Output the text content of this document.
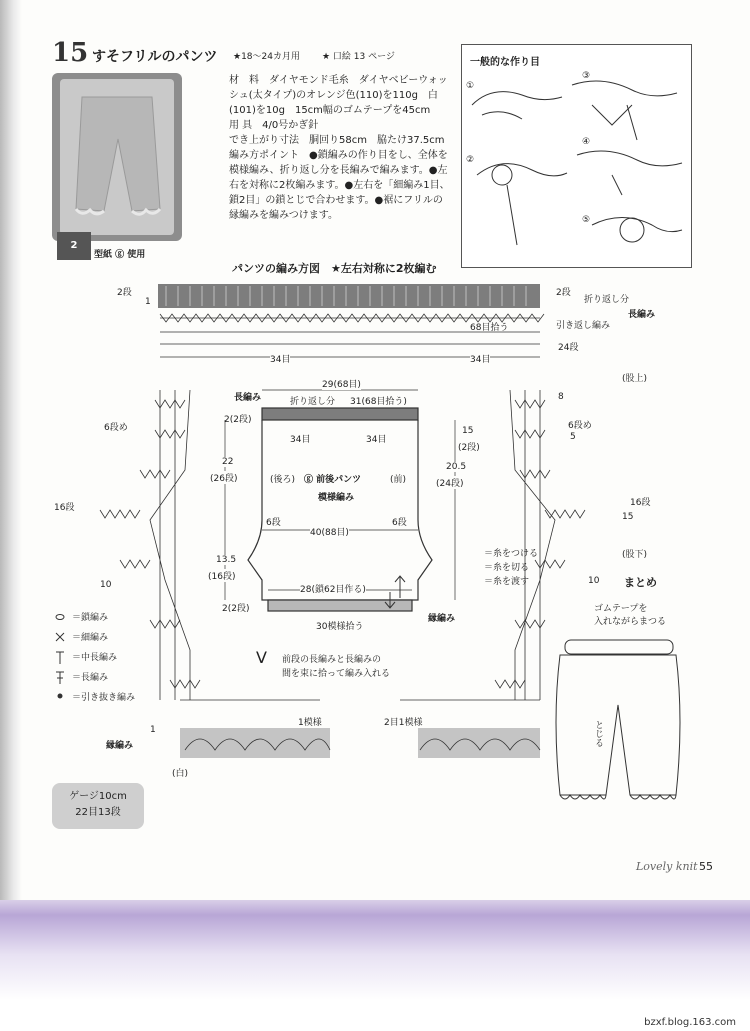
15 すそフリルのパンツ ★18～24カ月用 ★ 口絵 13 ページ
2
型紙 ⓖ 使用
材　料　ダイヤモンド毛糸　ダイヤベビーウォッ
シュ(太タイプ)のオレンジ色(110)を110g　白
(101)を10g　15cm幅のゴムテープを45cm
用 具　4/0号かぎ針
でき上がり寸法　胴回り58cm　脇たけ37.5cm
編み方ポイント　●鎖編みの作り目をし、全体を
模様編み、折り返し分を長編みで編みます。●左
右を対称に2枚編みます。●左右を「細編み1目、
鎖2目」の鎖とじで合わせます。●裾にフリルの
縁編みを編みつけます。
一般的な作り目
①
②
③
④
⑤
パンツの編み方図　★左右対称に2枚編む
2段
1
2段
折り返し分
長編み
68目拾う	引き返し編み
24段
34目	34目
(股上)
8
6段め
5
16段
15
(股下)
10
6段め
16段
10
29(68目)
長編み	折り返し分 31(68目拾う)
2(2段)
34目	34目
15
(2段)
22
(26段)	(後ろ) ⓖ 前後パンツ	(前)
模様編み
20.5
(24段)
6段	6段
40(88目)
13.5
(16段)
28(鎖62目作る)
2(2段)
縁編み
30模様拾う
＝糸をつける
＝糸を切る
＝糸を渡す
V 前段の長編みと長編みの
間を束に拾って編み入れる
1模様	2目1模様
縁編み
1
(白)
＝鎖編み
＝細編み
＝中長編み
＝長編み
＝引き抜き編み
まとめ
ゴムテープを
入れながらまつる
とじる
ゲージ10cm
22目13段
Lovely knit 55
bzxf.blog.163.com
